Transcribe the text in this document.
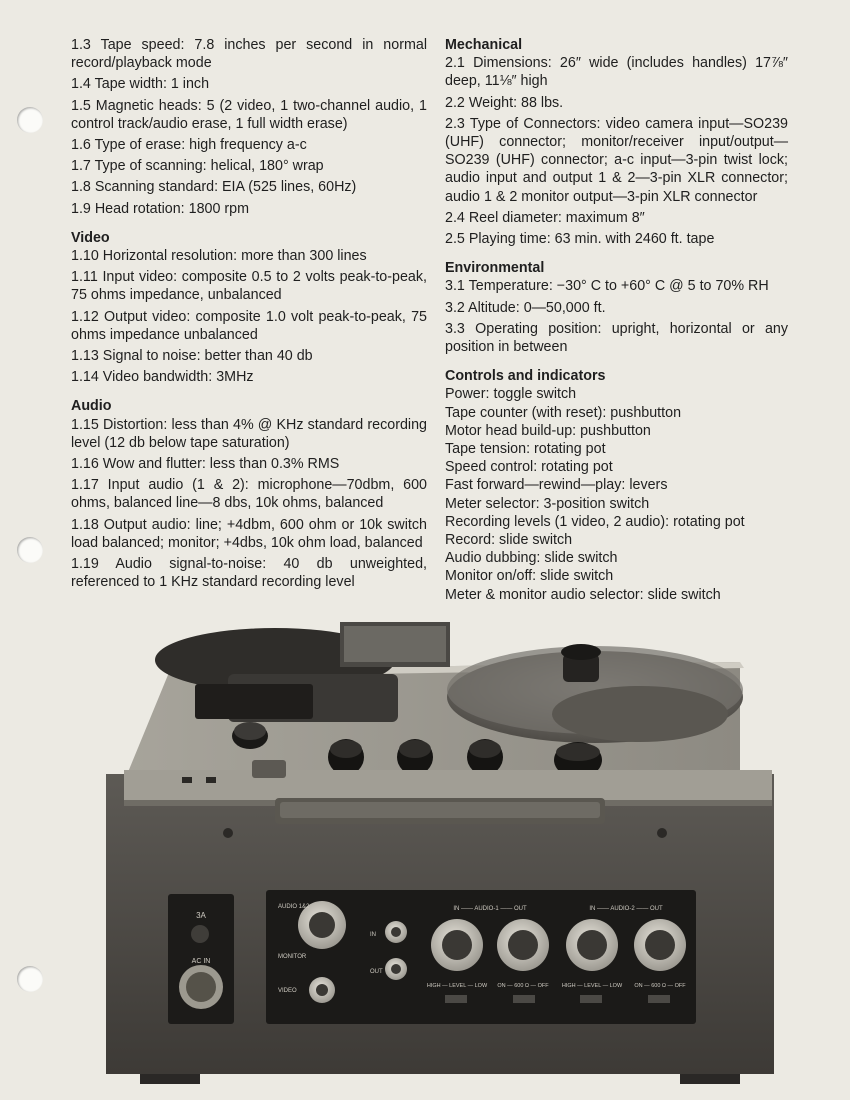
1.3 Tape speed: 7.8 inches per second in normal record/playback mode

1.4 Tape width: 1 inch

1.5 Magnetic heads: 5 (2 video, 1 two-channel audio, 1 control track/audio erase, 1 full width erase)

1.6 Type of erase: high frequency a-c

1.7 Type of scanning: helical, 180° wrap

1.8 Scanning standard: EIA (525 lines, 60Hz)

1.9 Head rotation: 1800 rpm

Video

1.10 Horizontal resolution: more than 300 lines

1.11 Input video: composite 0.5 to 2 volts peak-to-peak, 75 ohms impedance, unbalanced

1.12 Output video: composite 1.0 volt peak-to-peak, 75 ohms impedance unbalanced

1.13 Signal to noise: better than 40 db

1.14 Video bandwidth: 3MHz

Audio

1.15 Distortion: less than 4% @ KHz standard recording level (12 db below tape saturation)

1.16 Wow and flutter: less than 0.3% RMS

1.17 Input audio (1 & 2): microphone—70dbm, 600 ohms, balanced line—8 dbs, 10k ohms, balanced

1.18 Output audio: line; +4dbm, 600 ohm or 10k switch load balanced; monitor; +4dbs, 10k ohm load, balanced

1.19 Audio signal-to-noise: 40 db unweighted, referenced to 1 KHz standard recording level

Mechanical

2.1 Dimensions: 26″ wide (includes handles) 17⅞″ deep, 11⅛″ high

2.2 Weight: 88 lbs.

2.3 Type of Connectors: video camera input—SO239 (UHF) connector; monitor/receiver input/output—SO239 (UHF) connector; a-c input—3-pin twist lock; audio input and output 1 & 2—3-pin XLR connector; audio 1 & 2 monitor output—3-pin XLR connector

2.4 Reel diameter: maximum 8″

2.5 Playing time: 63 min. with 2460 ft. tape

Environmental

3.1 Temperature: −30° C to +60° C @ 5 to 70% RH

3.2 Altitude: 0—50,000 ft.

3.3 Operating position: upright, horizontal or any position in between

Controls and indicators

Power: toggle switch

Tape counter (with reset): pushbutton

Motor head build-up: pushbutton

Tape tension: rotating pot

Speed control: rotating pot

Fast forward—rewind—play: levers

Meter selector: 3-position switch

Recording levels (1 video, 2 audio): rotating pot

Record: slide switch

Audio dubbing: slide switch

Monitor on/off: slide switch

Meter & monitor audio selector: slide switch

3A
AC IN
AUDIO 1&2
MONITOR
VIDEO
IN
OUT
IN —— AUDIO-1 —— OUT	IN —— AUDIO-2 —— OUT
HIGH — LEVEL — LOW ON — 600 Ω — OFF HIGH — LEVEL — LOW ON — 600 Ω — OFF
